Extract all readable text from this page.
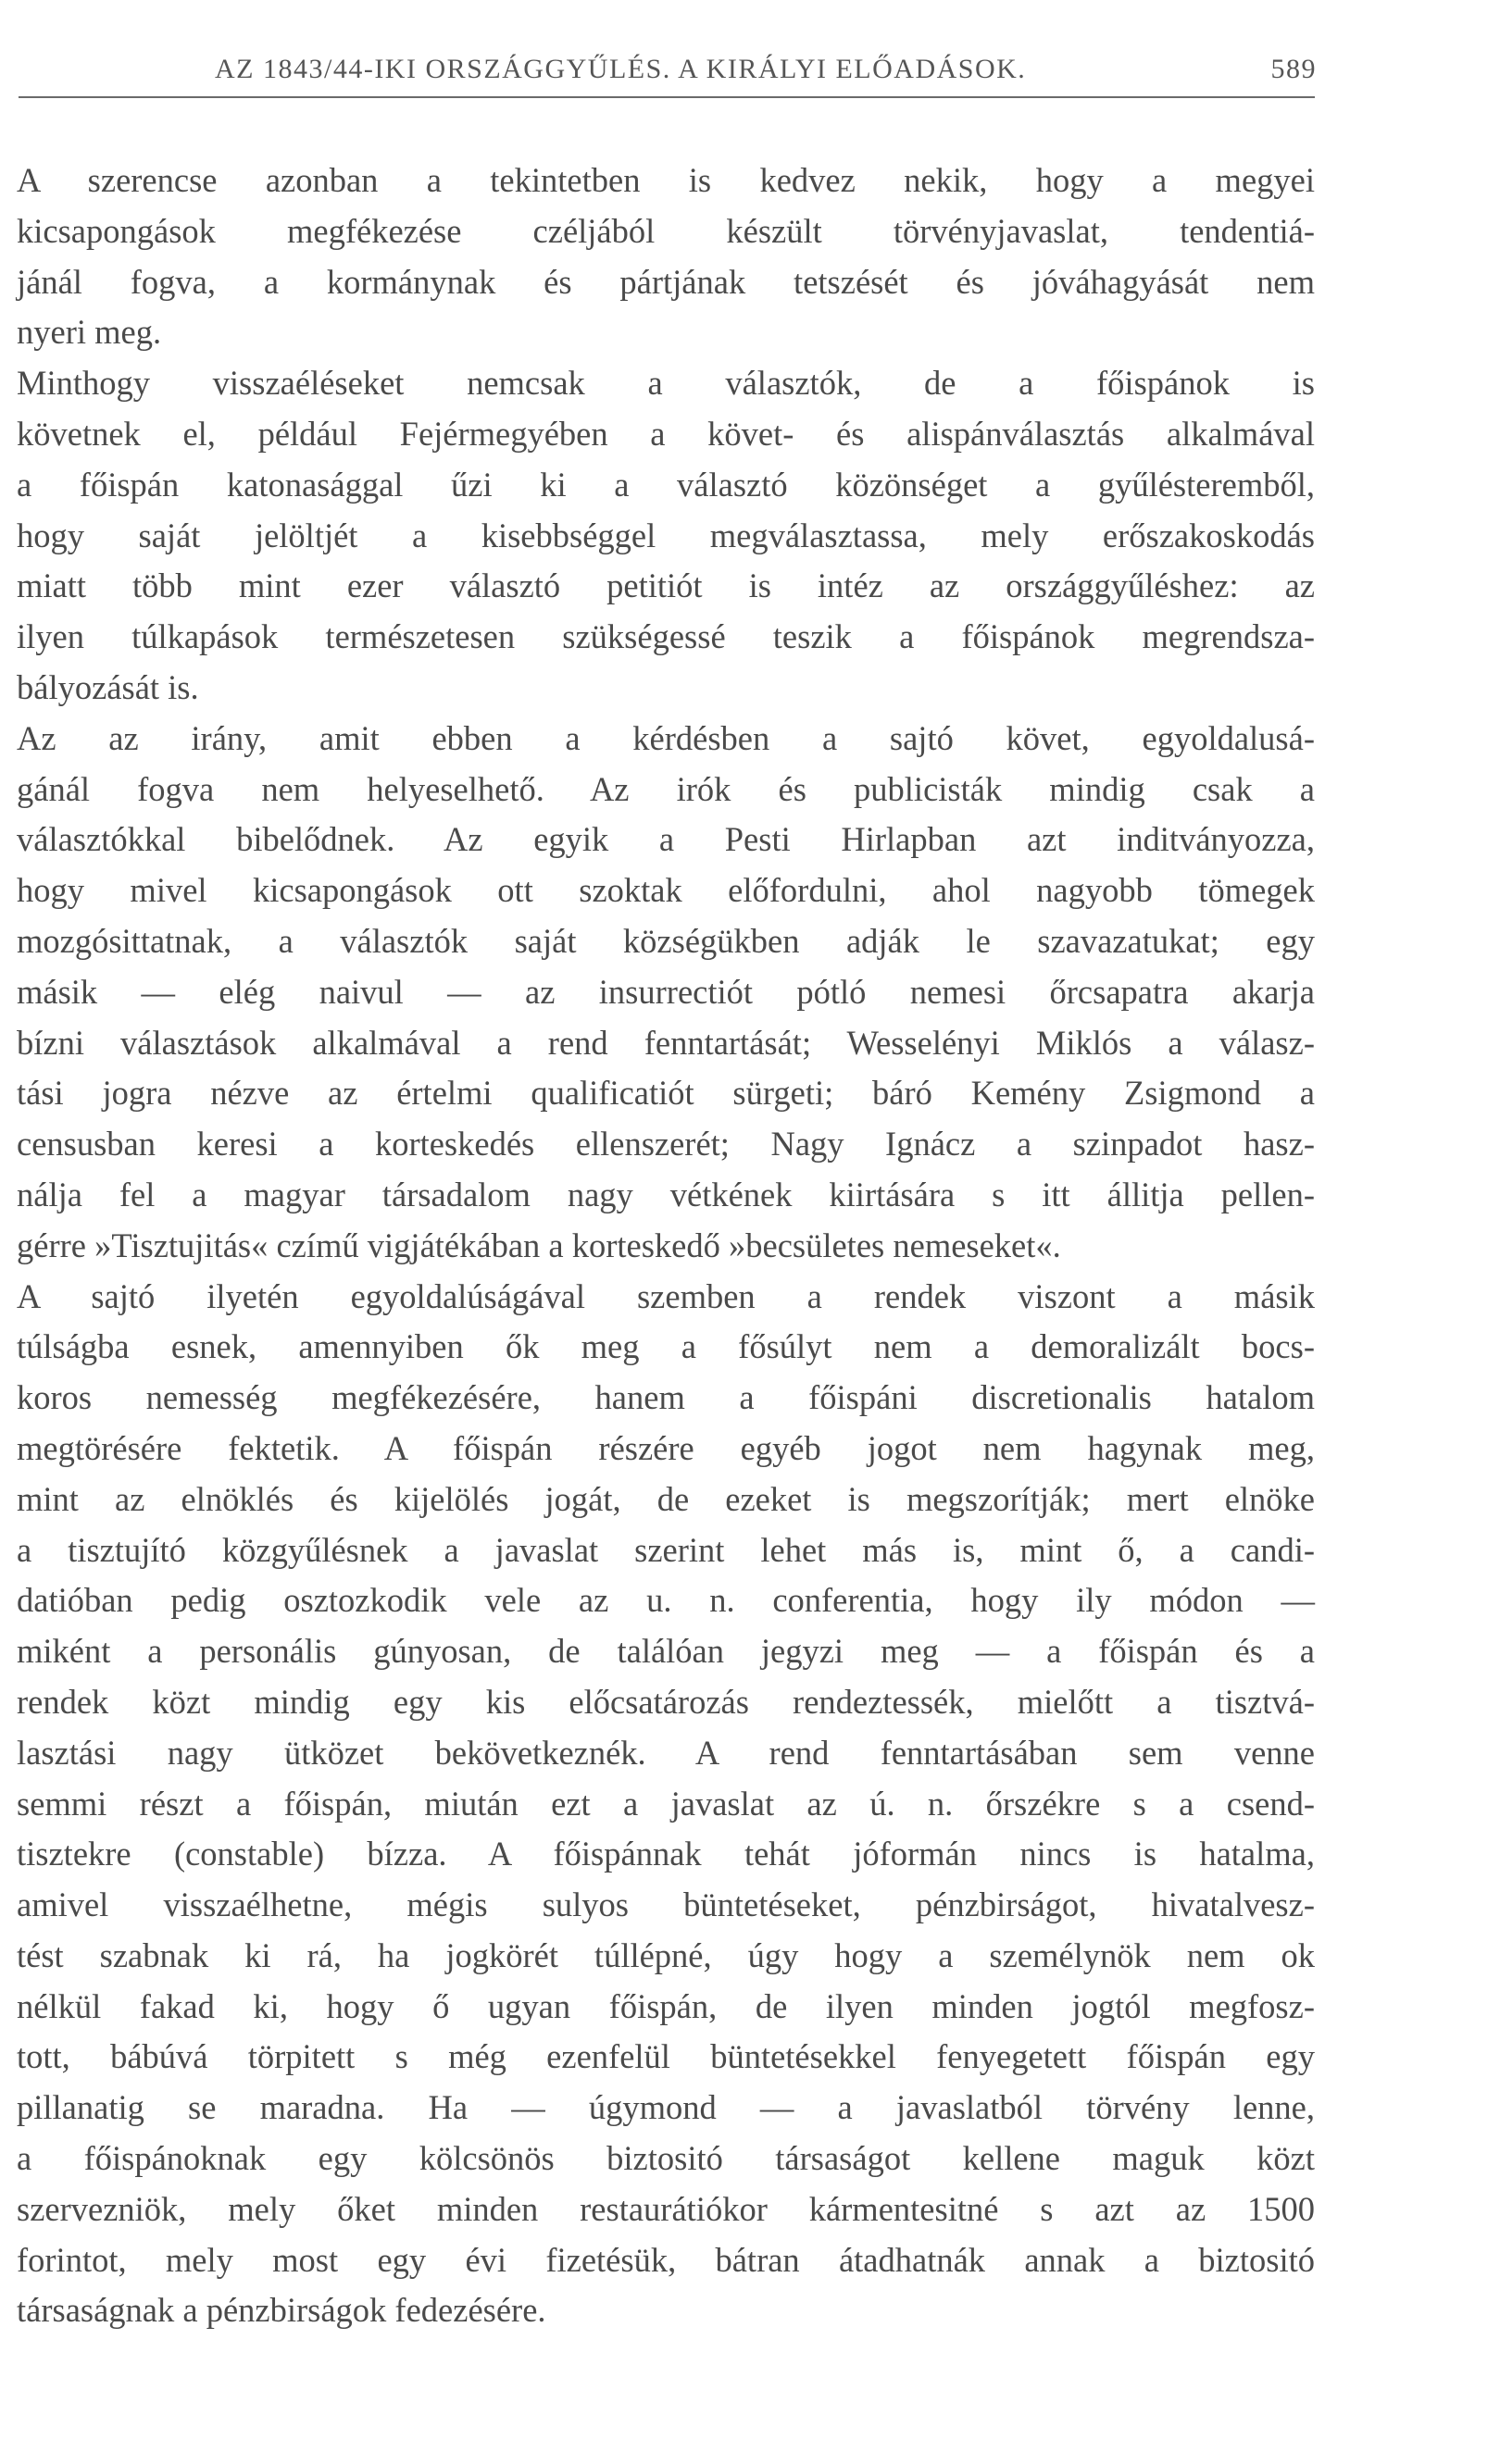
AZ 1843/44-IKI ORSZÁGGYŰLÉS. A KIRÁLYI ELŐADÁSOK.	589
A szerencse azonban a tekintetben is kedvez nekik, hogy a megyei
kicsapongások megfékezése czéljából készült törvényjavaslat, tendentiá-
jánál fogva, a kormánynak és pártjának tetszését és jóváhagyását nem
nyeri meg.
Minthogy visszaéléseket nemcsak a választók, de a főispánok is
követnek el, például Fejérmegyében a követ- és alispánválasztás alkalmával
a főispán katonasággal űzi ki a választó közönséget a gyűlésteremből,
hogy saját jelöltjét a kisebbséggel megválasztassa, mely erőszakoskodás
miatt több mint ezer választó petitiót is intéz az országgyűléshez: az
ilyen túlkapások természetesen szükségessé teszik a főispánok megrendsza-
bályozását is.
Az az irány, amit ebben a kérdésben a sajtó követ, egyoldalusá-
gánál fogva nem helyeselhető. Az irók és publicisták mindig csak a
választókkal bibelődnek. Az egyik a Pesti Hirlapban azt inditványozza,
hogy mivel kicsapongások ott szoktak előfordulni, ahol nagyobb tömegek
mozgósittatnak, a választók saját községükben adják le szavazatukat; egy
másik — elég naivul — az insurrectiót pótló nemesi őrcsapatra akarja
bízni választások alkalmával a rend fenntartását; Wesselényi Miklós a válasz-
tási jogra nézve az értelmi qualificatiót sürgeti; báró Kemény Zsigmond a
censusban keresi a korteskedés ellenszerét; Nagy Ignácz a szinpadot hasz-
nálja fel a magyar társadalom nagy vétkének kiirtására s itt állitja pellen-
gérre »Tisztujitás« czímű vigjátékában a korteskedő »becsületes nemeseket«.
A sajtó ilyetén egyoldalúságával szemben a rendek viszont a másik
túlságba esnek, amennyiben ők meg a fősúlyt nem a demoralizált bocs-
koros nemesség megfékezésére, hanem a főispáni discretionalis hatalom
megtörésére fektetik. A főispán részére egyéb jogot nem hagynak meg,
mint az elnöklés és kijelölés jogát, de ezeket is megszorítják; mert elnöke
a tisztujító közgyűlésnek a javaslat szerint lehet más is, mint ő, a candi-
datióban pedig osztozkodik vele az u. n. conferentia, hogy ily módon —
miként a personális gúnyosan, de találóan jegyzi meg — a főispán és a
rendek közt mindig egy kis előcsatározás rendeztessék, mielőtt a tisztvá-
lasztási nagy ütközet bekövetkeznék. A rend fenntartásában sem venne
semmi részt a főispán, miután ezt a javaslat az ú. n. őrszékre s a csend-
tisztekre (constable) bízza. A főispánnak tehát jóformán nincs is hatalma,
amivel visszaélhetne, mégis sulyos büntetéseket, pénzbirságot, hivatalvesz-
tést szabnak ki rá, ha jogkörét túllépné, úgy hogy a személynök nem ok
nélkül fakad ki, hogy ő ugyan főispán, de ilyen minden jogtól megfosz-
tott, bábúvá törpitett s még ezenfelül büntetésekkel fenyegetett főispán egy
pillanatig se maradna. Ha — úgymond — a javaslatból törvény lenne,
a főispánoknak egy kölcsönös biztositó társaságot kellene maguk közt
szervezniök, mely őket minden restaurátiókor kármentesitné s azt az 1500
forintot, mely most egy évi fizetésük, bátran átadhatnák annak a biztositó
társaságnak a pénzbirságok fedezésére.
